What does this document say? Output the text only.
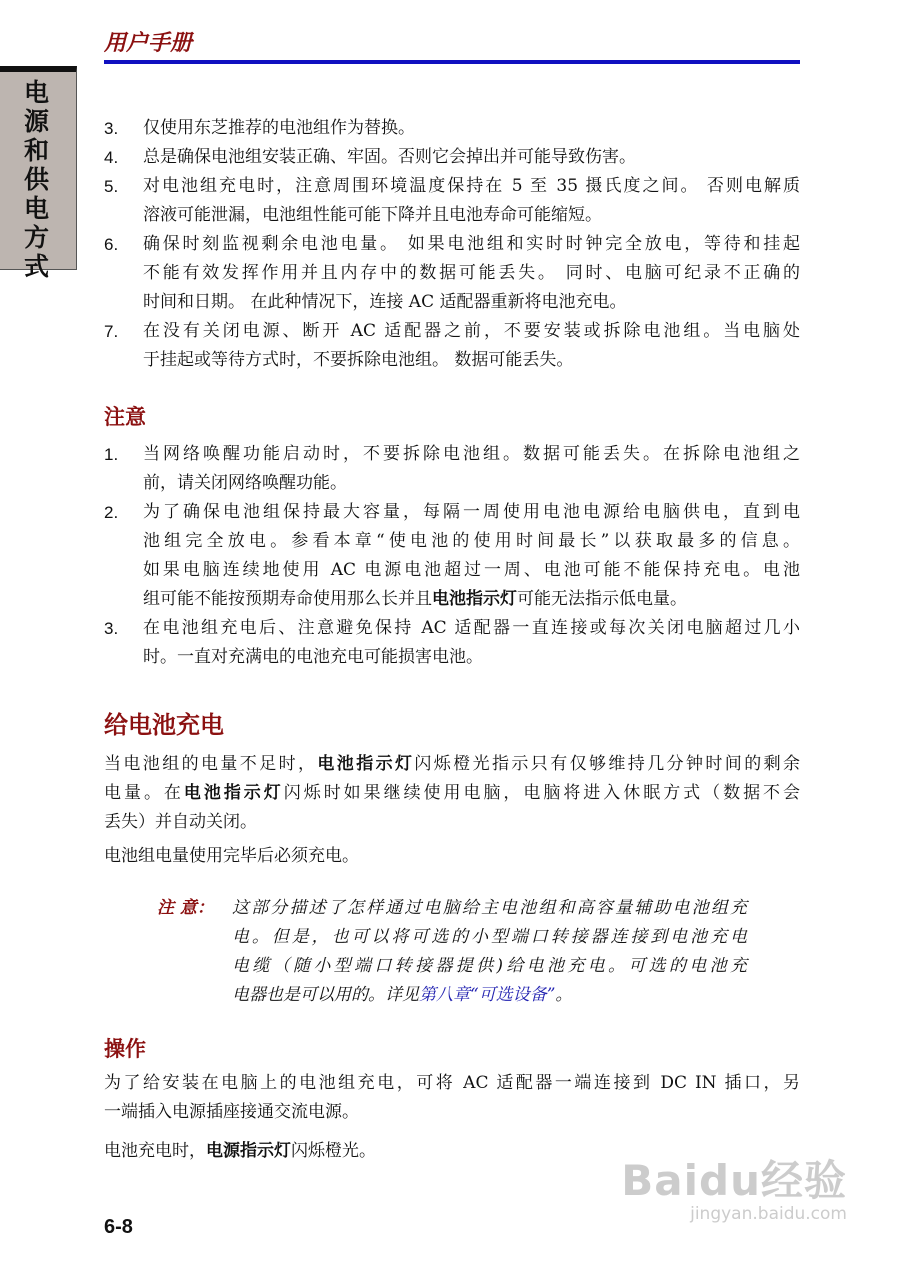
用户手册
电源和供电方式
3. 仅使用东芝推荐的电池组作为替换。
4. 总是确保电池组安装正确、牢固。否则它会掉出并可能导致伤害。
5. 对电池组充电时，注意周围环境温度保持在 5 至 35 摄氏度之间。 否则电解质
溶液可能泄漏，电池组性能可能下降并且电池寿命可能缩短。
6. 确保时刻监视剩余电池电量。 如果电池组和实时时钟完全放电，等待和挂起
不能有效发挥作用并且内存中的数据可能丢失。 同时、电脑可纪录不正确的
时间和日期。 在此种情况下，连接 AC 适配器重新将电池充电。
7. 在没有关闭电源、断开 AC 适配器之前，不要安装或拆除电池组。当电脑处
于挂起或等待方式时，不要拆除电池组。 数据可能丢失。
注意
1. 当网络唤醒功能启动时，不要拆除电池组。数据可能丢失。在拆除电池组之
前，请关闭网络唤醒功能。
2. 为了确保电池组保持最大容量，每隔一周使用电池电源给电脑供电，直到电
池组完全放电。参看本章“使电池的使用时间最长”以获取最多的信息。
如果电脑连续地使用 AC 电源电池超过一周、电池可能不能保持充电。电池
组可能不能按预期寿命使用那么长并且电池指示灯可能无法指示低电量。
3. 在电池组充电后、注意避免保持 AC 适配器一直连接或每次关闭电脑超过几小
时。一直对充满电的电池充电可能损害电池。
给电池充电
当电池组的电量不足时，电池指示灯闪烁橙光指示只有仅够维持几分钟时间的剩余
电量。在电池指示灯闪烁时如果继续使用电脑，电脑将进入休眠方式（数据不会
丢失）并自动关闭。
电池组电量使用完毕后必须充电。
注 意： 这部分描述了怎样通过电脑给主电池组和高容量辅助电池组充
电。但是，也可以将可选的小型端口转接器连接到电池充电
电缆（随小型端口转接器提供)给电池充电。可选的电池充
电器也是可以用的。详见第八章“可选设备”。
操作
为了给安装在电脑上的电池组充电，可将 AC 适配器一端连接到 DC IN 插口，另
一端插入电源插座接通交流电源。
电池充电时，电源指示灯闪烁橙光。
6-8
Baidu经验
jingyan.baidu.com
